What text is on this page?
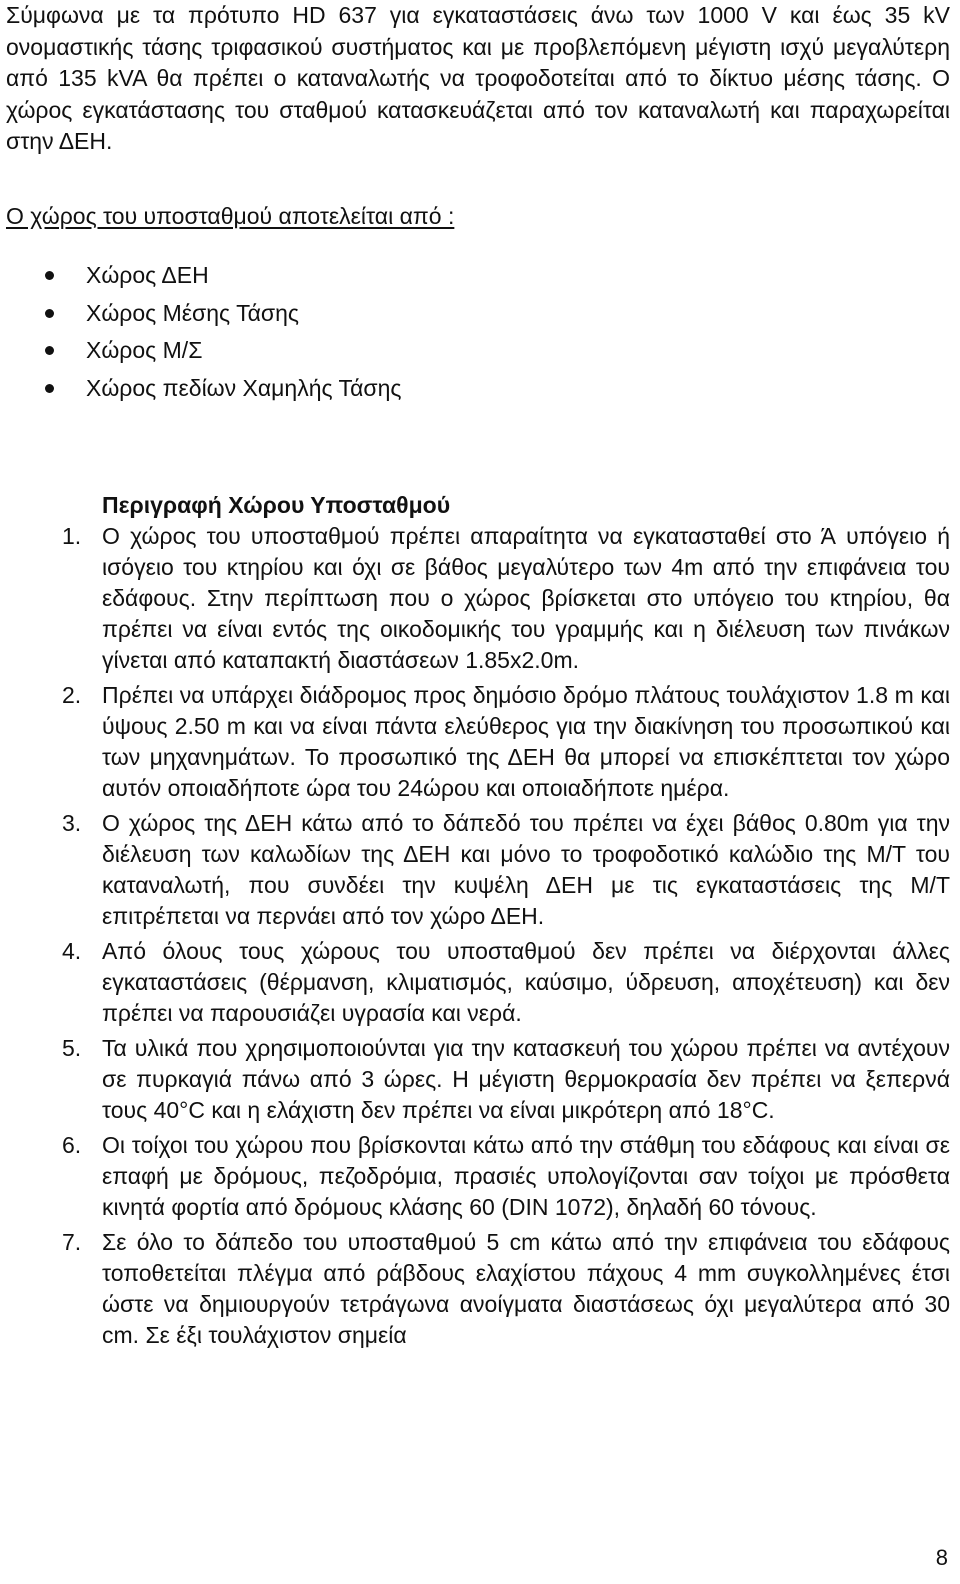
Σύμφωνα με τα πρότυπο HD 637 για εγκαταστάσεις άνω των 1000 V και έως 35 kV ονομαστικής τάσης τριφασικού συστήματος και με προβλεπόμενη μέγιστη ισχύ μεγαλύτερη από 135 kVA θα πρέπει ο καταναλωτής να τροφοδοτείται από το δίκτυο μέσης τάσης. Ο χώρος εγκατάστασης του σταθμού κατασκευάζεται από τον καταναλωτή και παραχωρείται στην ΔΕΗ.

Ο χώρος του υποσταθμού αποτελείται από :

Χώρος ΔΕΗ
Χώρος Μέσης Τάσης
Χώρος Μ/Σ
Χώρος πεδίων Χαμηλής Τάσης
Περιγραφή Χώρου Υποσταθμού
1. Ο χώρος του υποσταθμού πρέπει απαραίτητα να εγκατασταθεί στο Ά υπόγειο ή ισόγειο του κτηρίου και όχι σε βάθος μεγαλύτερο των 4m από την επιφάνεια του εδάφους. Στην περίπτωση που ο χώρος βρίσκεται στο υπόγειο του κτηρίου, θα πρέπει να είναι εντός της οικοδομικής του γραμμής και η διέλευση των πινάκων γίνεται από καταπακτή διαστάσεων 1.85x2.0m.
2. Πρέπει να υπάρχει διάδρομος προς δημόσιο δρόμο πλάτους τουλάχιστον 1.8 m και ύψους 2.50 m και να είναι πάντα ελεύθερος για την διακίνηση του προσωπικού και των μηχανημάτων. Το προσωπικό της ΔΕΗ θα μπορεί να επισκέπτεται τον χώρο αυτόν οποιαδήποτε ώρα του 24ώρου και οποιαδήποτε ημέρα.
3. Ο χώρος της ΔΕΗ κάτω από το δάπεδό του πρέπει να έχει βάθος 0.80m για την διέλευση των καλωδίων της ΔΕΗ και μόνο το τροφοδοτικό καλώδιο της Μ/Τ του καταναλωτή, που συνδέει την κυψέλη ΔΕΗ με τις εγκαταστάσεις της Μ/Τ επιτρέπεται να περνάει από τον χώρο ΔΕΗ.
4. Από όλους τους χώρους του υποσταθμού δεν πρέπει να διέρχονται άλλες εγκαταστάσεις (θέρμανση, κλιματισμός, καύσιμο, ύδρευση, αποχέτευση) και δεν πρέπει να παρουσιάζει υγρασία και νερά.
5. Τα υλικά που χρησιμοποιούνται για την κατασκευή του χώρου πρέπει να αντέχουν σε πυρκαγιά πάνω από 3 ώρες. Η μέγιστη θερμοκρασία δεν πρέπει να ξεπερνά τους 40°C και η ελάχιστη δεν πρέπει να είναι μικρότερη από 18°C.
6. Οι τοίχοι του χώρου που βρίσκονται κάτω από την στάθμη του εδάφους και είναι σε επαφή με δρόμους, πεζοδρόμια, πρασιές υπολογίζονται σαν τοίχοι με πρόσθετα κινητά φορτία από δρόμους κλάσης 60 (DIN 1072), δηλαδή 60 τόνους.
7. Σε όλο το δάπεδο του υποσταθμού 5 cm κάτω από την επιφάνεια του εδάφους τοποθετείται πλέγμα από ράβδους ελαχίστου πάχους 4 mm συγκολλημένες έτσι ώστε να δημιουργούν τετράγωνα ανοίγματα διαστάσεως όχι μεγαλύτερα από 30 cm. Σε έξι τουλάχιστον σημεία
8
